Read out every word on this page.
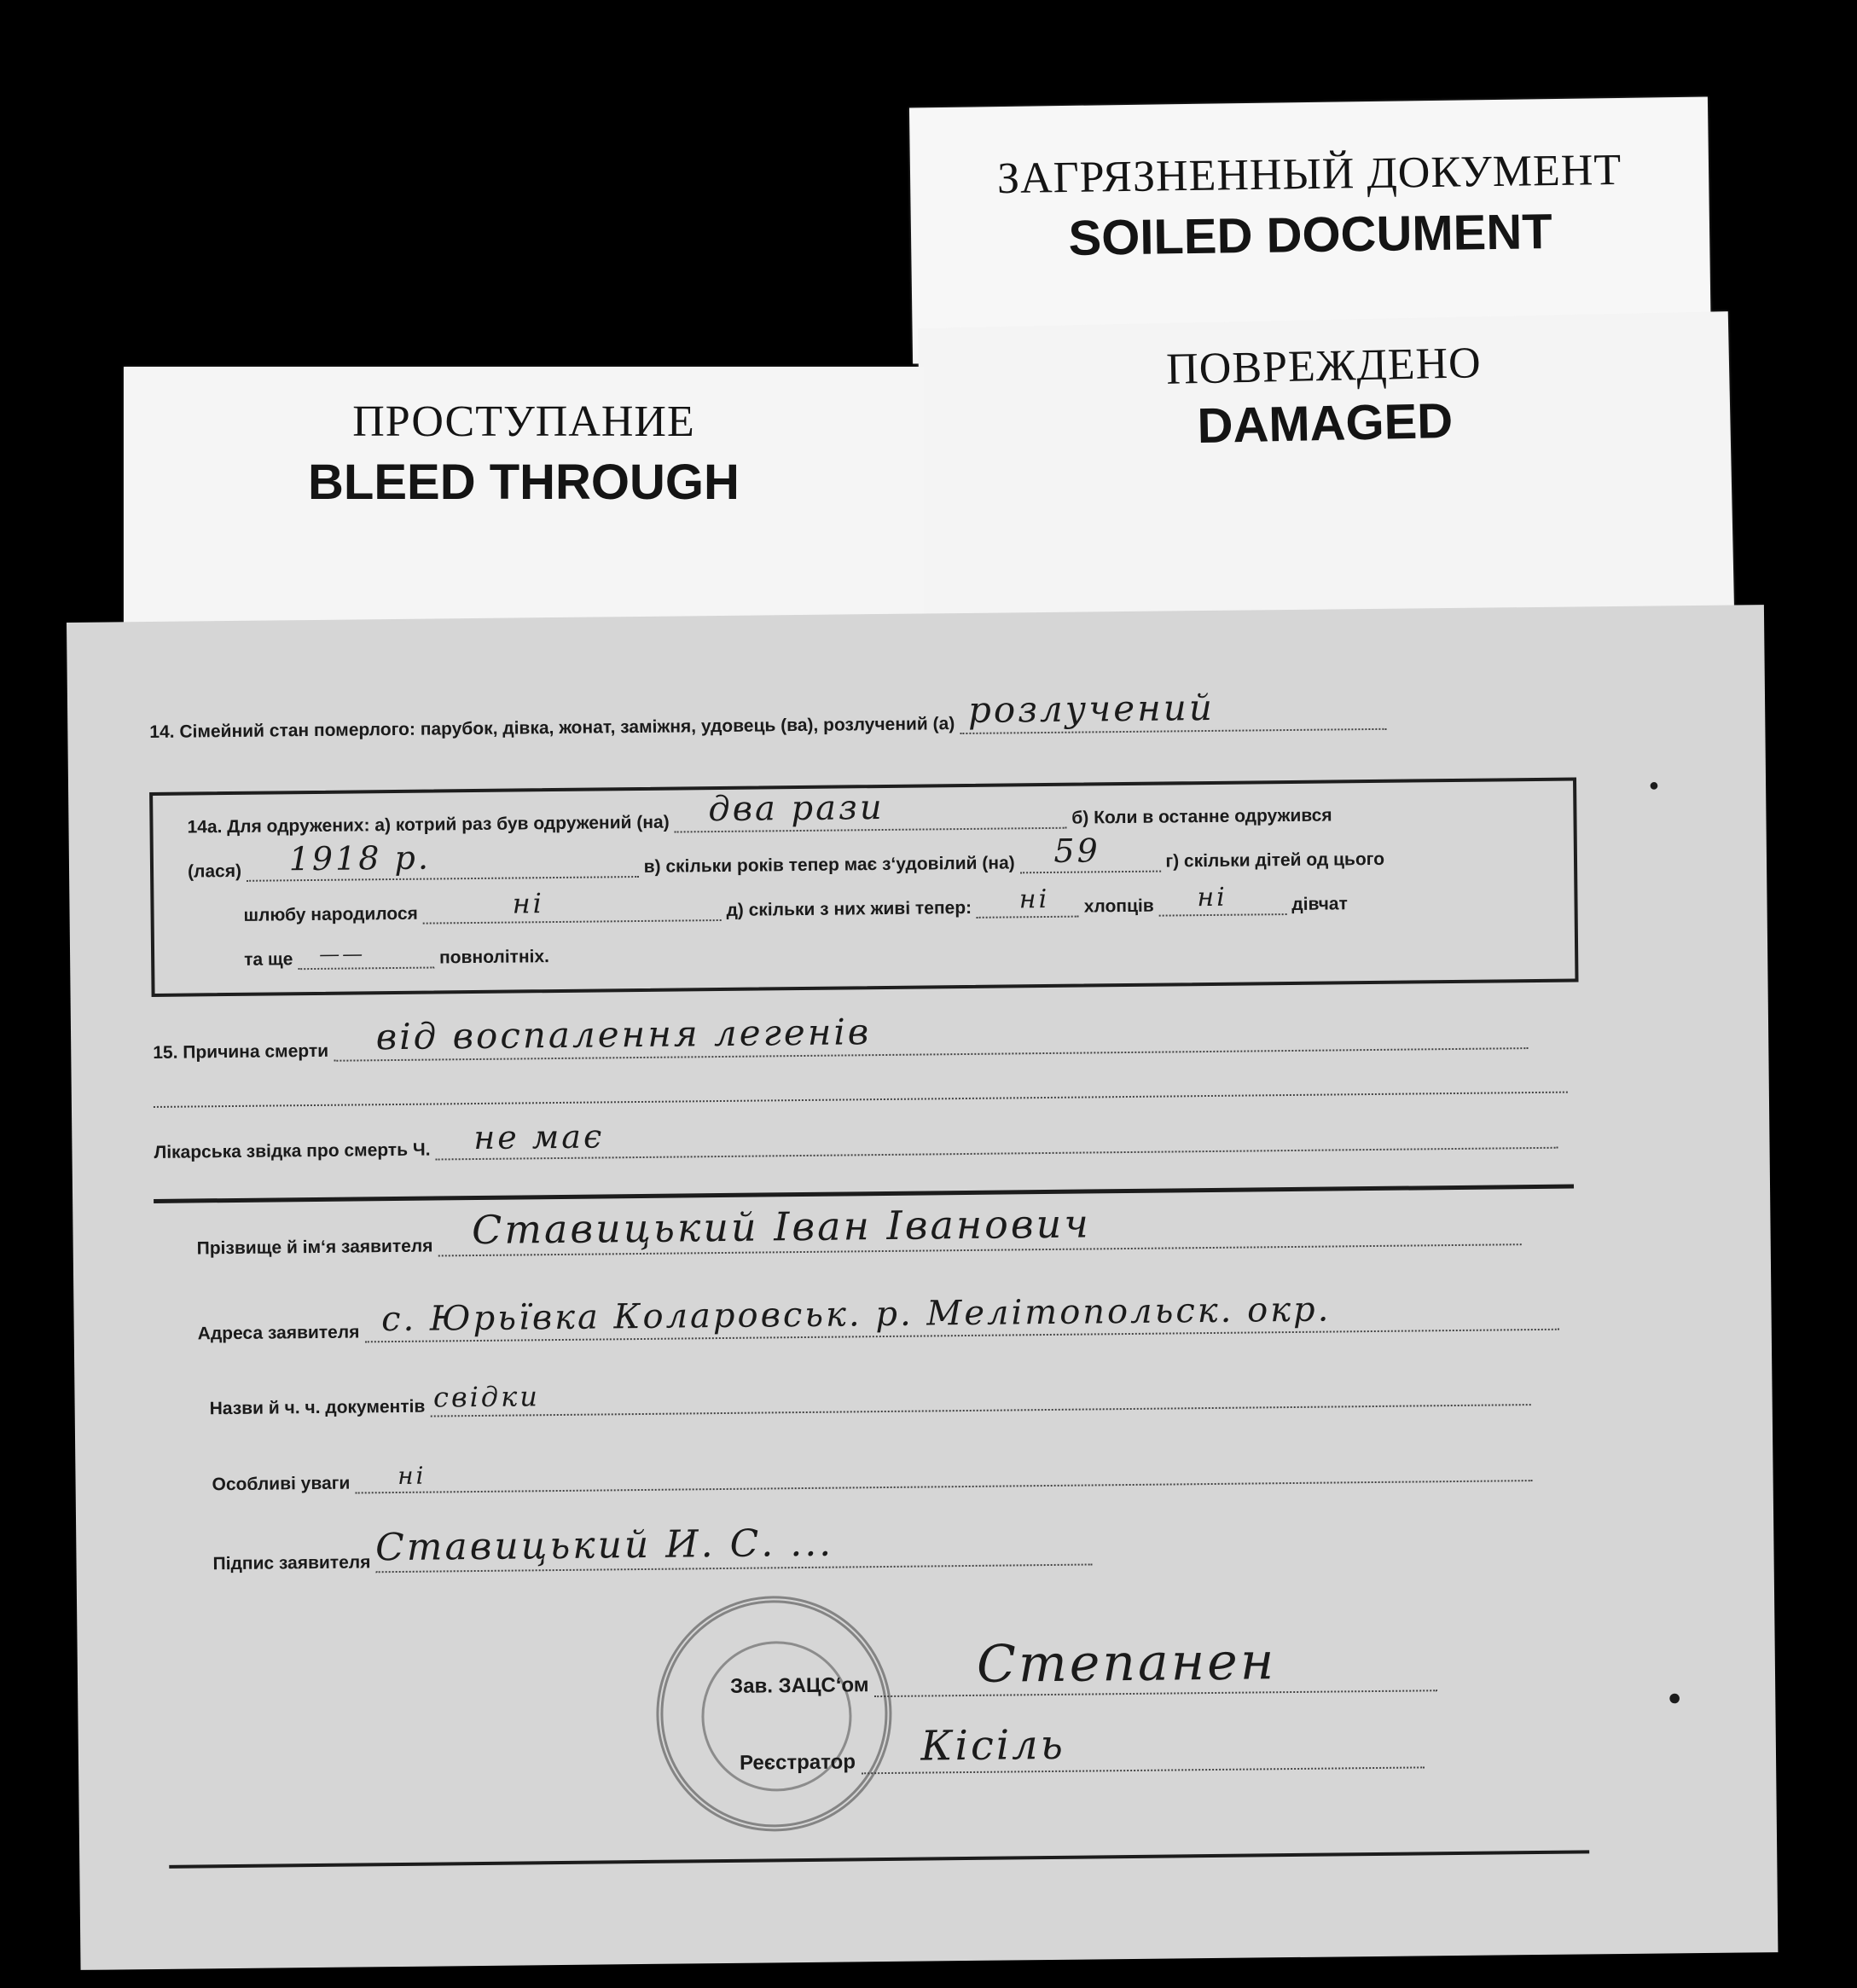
ЗАГРЯЗНЕННЫЙ ДОКУМЕНТ
SOILED DOCUMENT
ПОВРЕЖДЕНО
DAMAGED
ПРОСТУПАНИЕ
BLEED THROUGH
14. Сімейний стан померлого: парубок, дівка, жонат, заміжня, удовець (ва), розлучений (а) розлучений
14а. Для одружених: а) котрий раз був одружений (на) два рази	б) Коли в останне одружився
(лася) 1918 р.	в) скільки років тепер має з‘удовілий (на) 59	г) скільки дітей од цього
шлюбу народилося	ні	д) скільки з них живі тепер: ні хлопців ні	дівчат
та ще ——	повнолітніх.
15. Причина смерти від воспалення легенів
Лікарська звідка про смерть Ч. не має
Прізвище й ім‘я заявителя Ставицький Іван Іванович
Адреса заявителя с. Юрьївка Коларовськ. р. Мелітопольск. окр.
Назви й ч. ч. документів свідки
Особливі уваги ні
Підпис заявителя Ставицький И. С. ...
Зав. ЗАЦС‘ом Степанен
Реєстратор Кісіль
•
•
